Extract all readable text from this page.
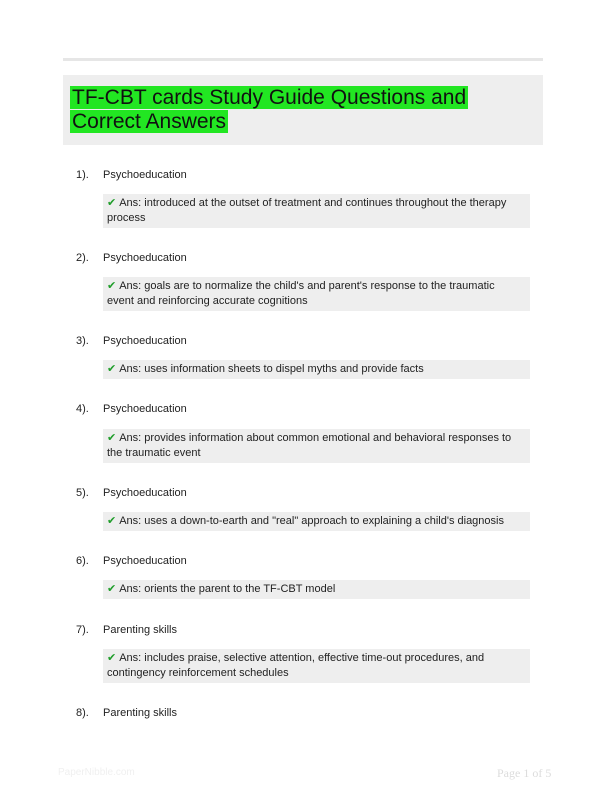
TF-CBT cards Study Guide Questions and Correct Answers
1). Psychoeducation
✔ Ans: introduced at the outset of treatment and continues throughout the therapy process
2). Psychoeducation
✔ Ans: goals are to normalize the child's and parent's response to the traumatic event and reinforcing accurate cognitions
3). Psychoeducation
✔ Ans: uses information sheets to dispel myths and provide facts
4). Psychoeducation
✔ Ans: provides information about common emotional and behavioral responses to the traumatic event
5). Psychoeducation
✔ Ans: uses a down-to-earth and "real" approach to explaining a child's diagnosis
6). Psychoeducation
✔ Ans: orients the parent to the TF-CBT model
7). Parenting skills
✔ Ans: includes praise, selective attention, effective time-out procedures, and contingency reinforcement schedules
8). Parenting skills
PaperNibble.com	Page 1 of 5
